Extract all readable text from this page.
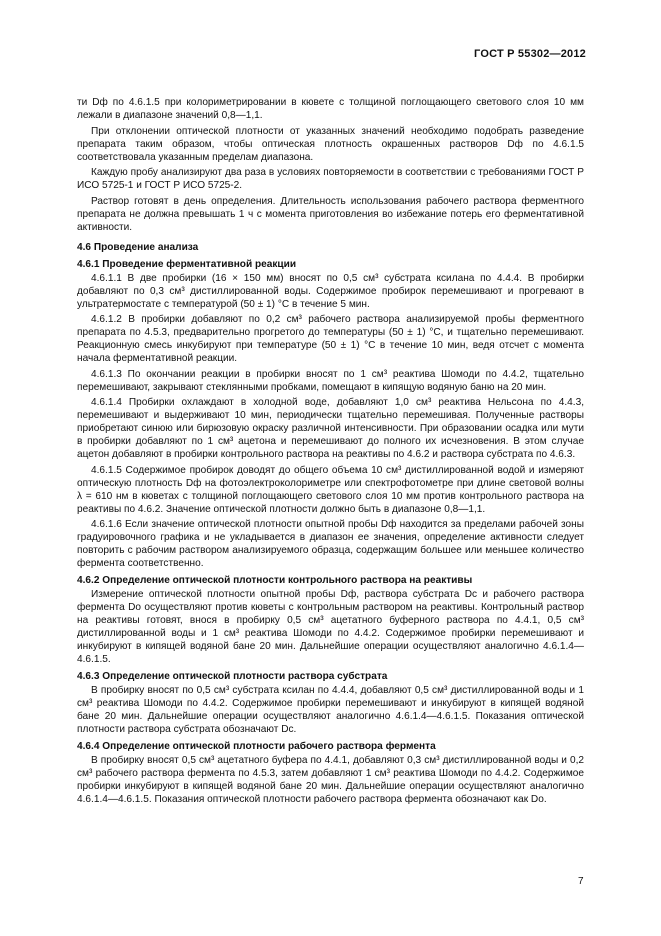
ГОСТ Р 55302—2012

ти Dф по 4.6.1.5 при колориметрировании в кювете с толщиной поглощающего светового слоя 10 мм лежали в диапазоне значений 0,8—1,1.

При отклонении оптической плотности от указанных значений необходимо подобрать разведение препарата таким образом, чтобы оптическая плотность окрашенных растворов Dф по 4.6.1.5 соответствовала указанным пределам диапазона.

Каждую пробу анализируют два раза в условиях повторяемости в соответствии с требованиями ГОСТ Р ИСО 5725-1 и ГОСТ Р ИСО 5725-2.

Раствор готовят в день определения. Длительность использования рабочего раствора ферментного препарата не должна превышать 1 ч с момента приготовления во избежание потерь его ферментативной активности.

4.6 Проведение анализа
4.6.1 Проведение ферментативной реакции

4.6.1.1 В две пробирки (16 × 150 мм) вносят по 0,5 см³ субстрата ксилана по 4.4.4. В пробирки добавляют по 0,3 см³ дистиллированной воды. Содержимое пробирок перемешивают и прогревают в ультратермостате с температурой (50 ± 1) °С в течение 5 мин.

4.6.1.2 В пробирки добавляют по 0,2 см³ рабочего раствора анализируемой пробы ферментного препарата по 4.5.3, предварительно прогретого до температуры (50 ± 1) °С, и тщательно перемешивают. Реакционную смесь инкубируют при температуре (50 ± 1) °С в течение 10 мин, ведя отсчет с момента начала ферментативной реакции.

4.6.1.3 По окончании реакции в пробирки вносят по 1 см³ реактива Шомоди по 4.4.2, тщательно перемешивают, закрывают стеклянными пробками, помещают в кипящую водяную баню на 20 мин.

4.6.1.4 Пробирки охлаждают в холодной воде, добавляют 1,0 см³ реактива Нельсона по 4.4.3, перемешивают и выдерживают 10 мин, периодически тщательно перемешивая. Полученные растворы приобретают синюю или бирюзовую окраску различной интенсивности. При образовании осадка или мути в пробирки добавляют по 1 см³ ацетона и перемешивают до полного их исчезновения. В этом случае ацетон добавляют в пробирки контрольного раствора на реактивы по 4.6.2 и раствора субстрата по 4.6.3.

4.6.1.5 Содержимое пробирок доводят до общего объема 10 см³ дистиллированной водой и измеряют оптическую плотность Dф на фотоэлектроколориметре или спектрофотометре при длине световой волны λ = 610 нм в кюветах с толщиной поглощающего светового слоя 10 мм против контрольного раствора на реактивы по 4.6.2. Значение оптической плотности должно быть в диапазоне 0,8—1,1.

4.6.1.6 Если значение оптической плотности опытной пробы Dф находится за пределами рабочей зоны градуировочного графика и не укладывается в диапазон ее значения, определение активности следует повторить с рабочим раствором анализируемого образца, содержащим большее или меньшее количество фермента соответственно.

4.6.2 Определение оптической плотности контрольного раствора на реактивы

Измерение оптической плотности опытной пробы Dф, раствора субстрата Dс и рабочего раствора фермента Dо осуществляют против кюветы с контрольным раствором на реактивы. Контрольный раствор на реактивы готовят, внося в пробирку 0,5 см³ ацетатного буферного раствора по 4.4.1, 0,5 см³ дистиллированной воды и 1 см³ реактива Шомоди по 4.4.2. Содержимое пробирки перемешивают и инкубируют в кипящей водяной бане 20 мин. Дальнейшие операции осуществляют аналогично 4.6.1.4—4.6.1.5.

4.6.3 Определение оптической плотности раствора субстрата

В пробирку вносят по 0,5 см³ субстрата ксилан по 4.4.4, добавляют 0,5 см³ дистиллированной воды и 1 см³ реактива Шомоди по 4.4.2. Содержимое пробирки перемешивают и инкубируют в кипящей водяной бане 20 мин. Дальнейшие операции осуществляют аналогично 4.6.1.4—4.6.1.5. Показания оптической плотности раствора субстрата обозначают Dс.

4.6.4 Определение оптической плотности рабочего раствора фермента

В пробирку вносят 0,5 см³ ацетатного буфера по 4.4.1, добавляют 0,3 см³ дистиллированной воды и 0,2 см³ рабочего раствора фермента по 4.5.3, затем добавляют 1 см³ реактива Шомоди по 4.4.2. Содержимое пробирки инкубируют в кипящей водяной бане 20 мин. Дальнейшие операции осуществляют аналогично 4.6.1.4—4.6.1.5. Показания оптической плотности рабочего раствора фермента обозначают как Dо.

7
